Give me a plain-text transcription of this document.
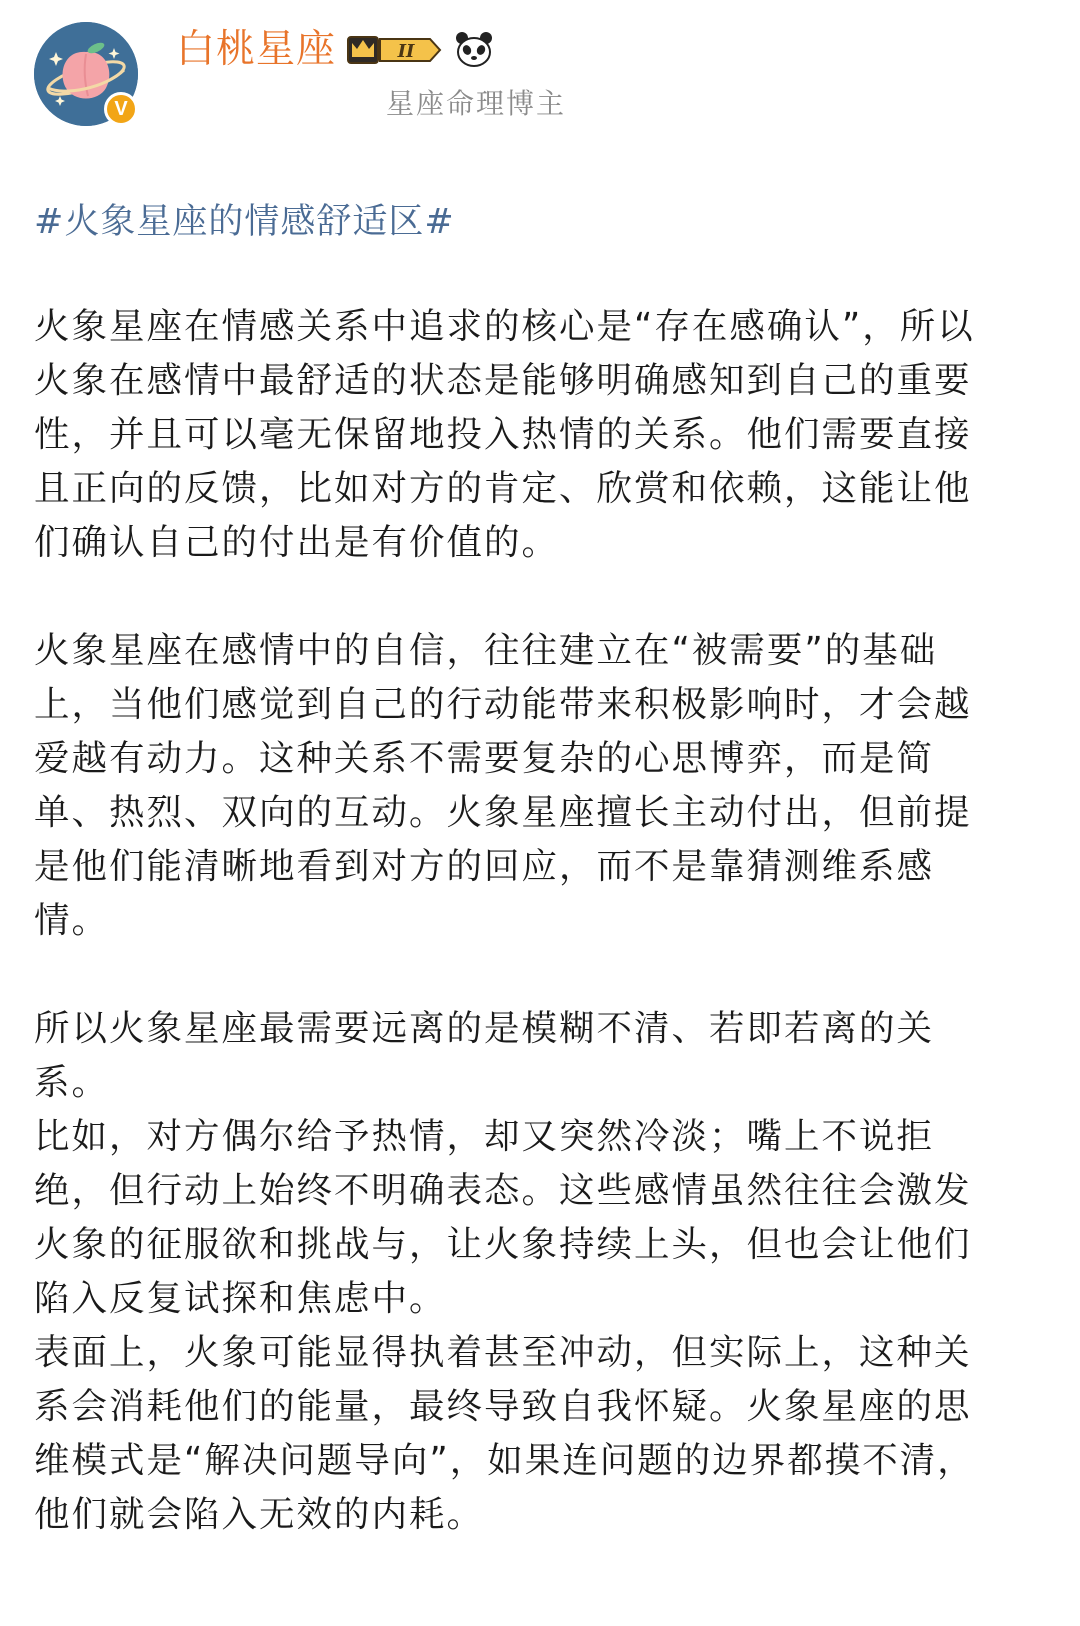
V
白桃星座	II
星座命理博主
#火象星座的情感舒适区#

火象星座在情感关系中追求的核心是“存在感确认”，所以火象在感情中最舒适的状态是能够明确感知到自己的重要性，并且可以毫无保留地投入热情的关系。他们需要直接且正向的反馈，比如对方的肯定、欣赏和依赖，这能让他们确认自己的付出是有价值的。

火象星座在感情中的自信，往往建立在“被需要”的基础上，当他们感觉到自己的行动能带来积极影响时，才会越爱越有动力。这种关系不需要复杂的心思博弈，而是简单、热烈、双向的互动。火象星座擅长主动付出，但前提是他们能清晰地看到对方的回应，而不是靠猜测维系感情。

所以火象星座最需要远离的是模糊不清、若即若离的关系。

比如，对方偶尔给予热情，却又突然冷淡；嘴上不说拒绝，但行动上始终不明确表态。这些感情虽然往往会激发火象的征服欲和挑战与，让火象持续上头，但也会让他们陷入反复试探和焦虑中。

表面上，火象可能显得执着甚至冲动，但实际上，这种关系会消耗他们的能量，最终导致自我怀疑。火象星座的思维模式是“解决问题导向”，如果连问题的边界都摸不清，他们就会陷入无效的内耗。
